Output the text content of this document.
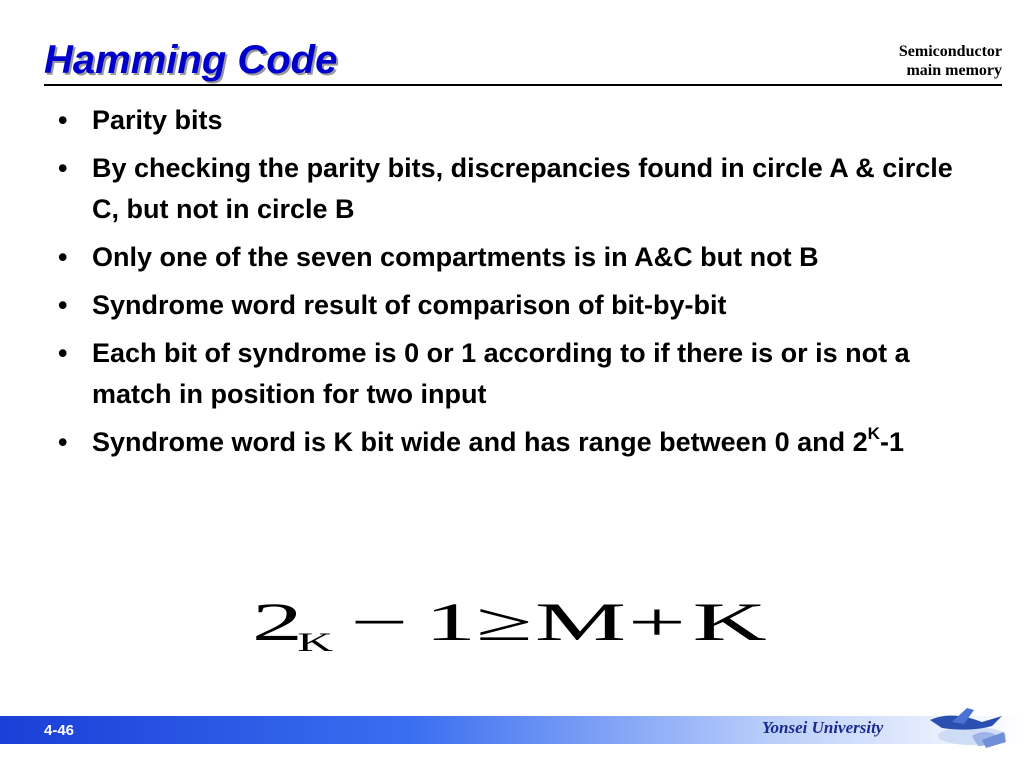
Hamming Code	Semiconductor
main memory
• Parity bits
• By checking the parity bits, discrepancies found in circle A & circle C, but not in circle B
• Only one of the seven compartments is in A&C but not B
• Syndrome word result of comparison of bit-by-bit
• Each bit of syndrome is 0 or 1 according to if there is or is not a match in position for two input
• Syndrome word is K bit wide and has range between 0 and $2^K-1$
2
K − 1 ≥ M + K
4-46	Yonsei University
